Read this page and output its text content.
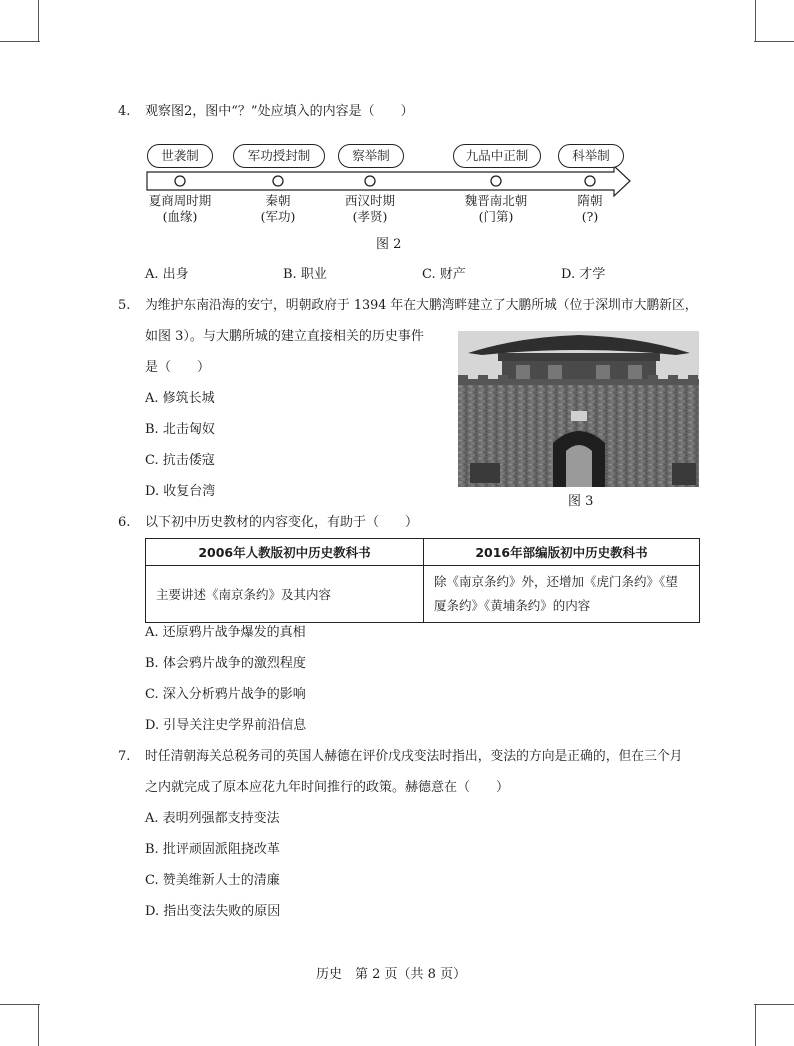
4. 观察图2，图中“？”处应填入的内容是（　　）
世袭制	军功授封制	察举制	九品中正制	科举制
夏商周时期
(血缘)
秦朝
(军功)
西汉时期
(孝贤)
魏晋南北朝
(门第)
隋朝
(?)
图 2
A. 出身	B. 职业	C. 财产	D. 才学
5. 为维护东南沿海的安宁，明朝政府于 1394 年在大鹏湾畔建立了大鹏所城（位于深圳市大鹏新区，
如图 3）。与大鹏所城的建立直接相关的历史事件
是（　　）
A. 修筑长城
B. 北击匈奴
C. 抗击倭寇
D. 收复台湾
图 3
6. 以下初中历史教材的内容变化，有助于（　　）
2006年人教版初中历史教科书	2016年部编版初中历史教科书
主要讲述《南京条约》及其内容	除《南京条约》外，还增加《虎门条约》《望
厦条约》《黄埔条约》的内容
A. 还原鸦片战争爆发的真相
B. 体会鸦片战争的激烈程度
C. 深入分析鸦片战争的影响
D. 引导关注史学界前沿信息
7. 时任清朝海关总税务司的英国人赫德在评价戊戌变法时指出，变法的方向是正确的，但在三个月
之内就完成了原本应花九年时间推行的政策。赫德意在（　　）
A. 表明列强都支持变法
B. 批评顽固派阻挠改革
C. 赞美维新人士的清廉
D. 指出变法失败的原因
历史　第 2 页（共 8 页）
